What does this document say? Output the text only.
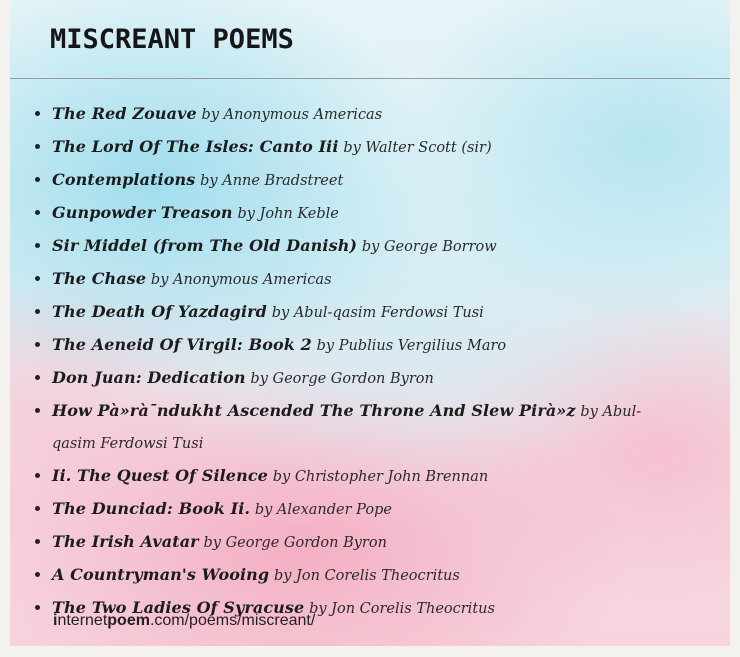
MISCREANT POEMS
The Red Zouave by Anonymous Americas
The Lord Of The Isles: Canto Iii by Walter Scott (sir)
Contemplations by Anne Bradstreet
Gunpowder Treason by John Keble
Sir Middel (from The Old Danish) by George Borrow
The Chase by Anonymous Americas
The Death Of Yazdagird by Abul-qasim Ferdowsi Tusi
The Aeneid Of Virgil: Book 2 by Publius Vergilius Maro
Don Juan: Dedication by George Gordon Byron
How Pà»rà¯ndukht Ascended The Throne And Slew Pirà»z by Abul-qasim Ferdowsi Tusi
Ii. The Quest Of Silence by Christopher John Brennan
The Dunciad: Book Ii. by Alexander Pope
The Irish Avatar by George Gordon Byron
A Countryman's Wooing by Jon Corelis Theocritus
The Two Ladies Of Syracuse by Jon Corelis Theocritus
internetpoem.com/poems/miscreant/
